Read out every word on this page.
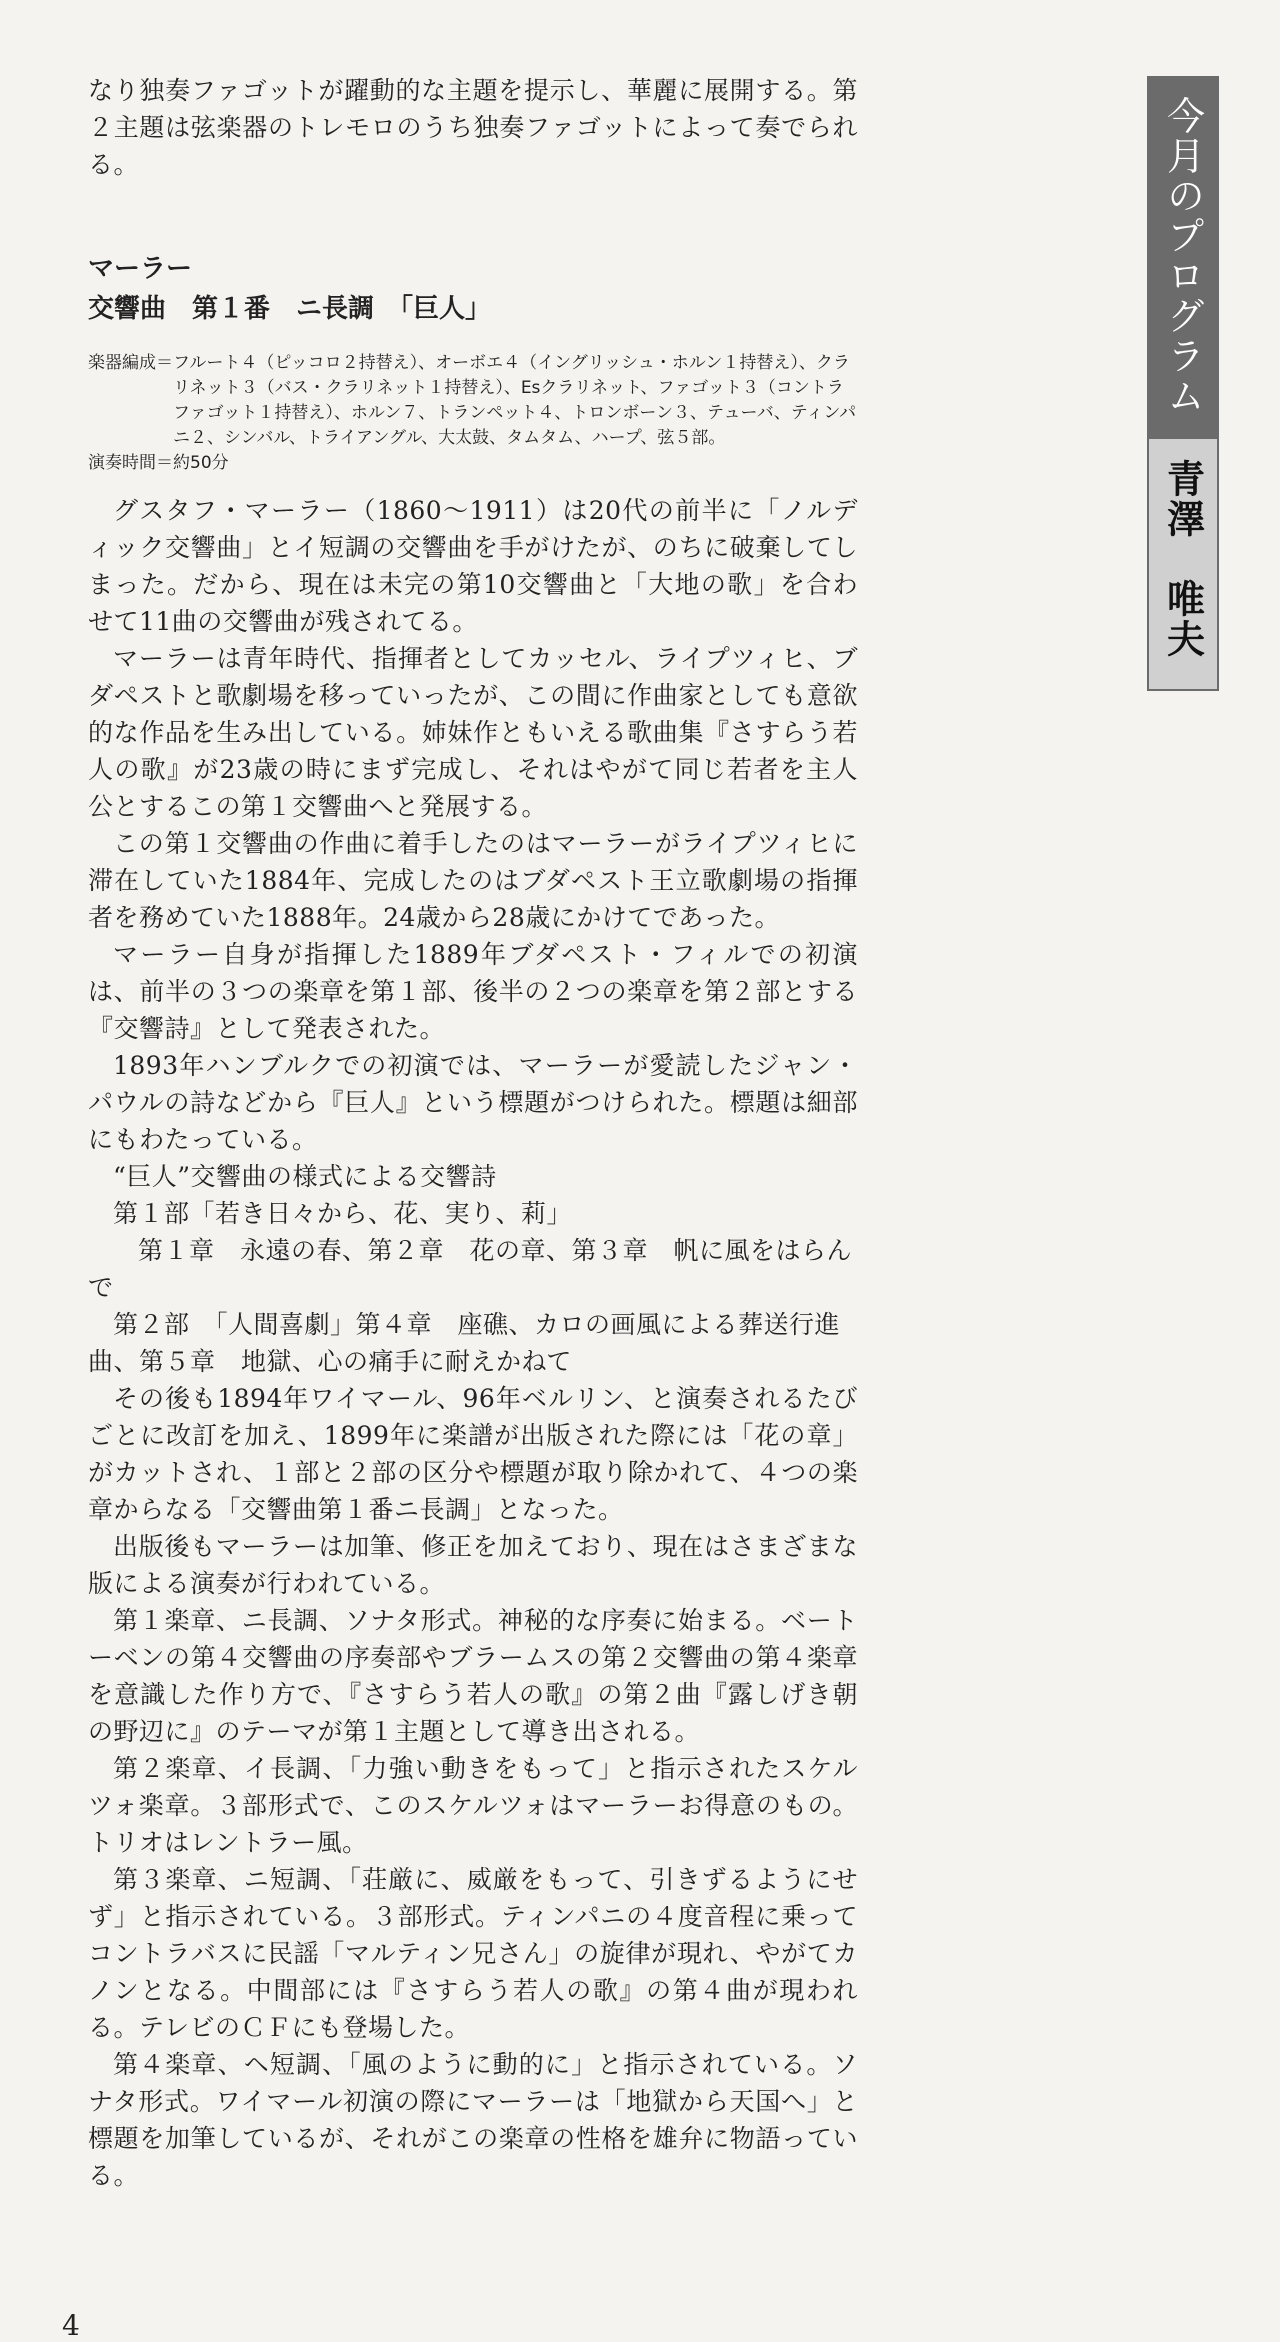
なり独奏ファゴットが躍動的な主題を提示し、華麗に展開する。第２主題は弦楽器のトレモロのうち独奏ファゴットによって奏でられる。

マーラー

交響曲　第１番　ニ長調　「巨人」

楽器編成＝ フルート４（ピッコロ２持替え）、オーボエ４（イングリッシュ・ホルン１持替え）、クラリネット３（バス・クラリネット１持替え）、Esクラリネット、ファゴット３（コントラファゴット１持替え）、ホルン７、トランペット４、トロンボーン３、テューバ、ティンパニ２、シンバル、トライアングル、大太鼓、タムタム、ハープ、弦５部。
演奏時間＝ 約50分

グスタフ・マーラー（1860～1911）は20代の前半に「ノルディック交響曲」とイ短調の交響曲を手がけたが、のちに破棄してしまった。だから、現在は未完の第10交響曲と「大地の歌」を合わせて11曲の交響曲が残されてる。

マーラーは青年時代、指揮者としてカッセル、ライプツィヒ、ブダペストと歌劇場を移っていったが、この間に作曲家としても意欲的な作品を生み出している。姉妹作ともいえる歌曲集『さすらう若人の歌』が23歳の時にまず完成し、それはやがて同じ若者を主人公とするこの第１交響曲へと発展する。

この第１交響曲の作曲に着手したのはマーラーがライプツィヒに滞在していた1884年、完成したのはブダペスト王立歌劇場の指揮者を務めていた1888年。24歳から28歳にかけてであった。

マーラー自身が指揮した1889年ブダペスト・フィルでの初演は、前半の３つの楽章を第１部、後半の２つの楽章を第２部とする『交響詩』として発表された。

1893年ハンブルクでの初演では、マーラーが愛読したジャン・パウルの詩などから『巨人』という標題がつけられた。標題は細部にもわたっている。

“巨人”交響曲の様式による交響詩

第１部「若き日々から、花、実り、莉」

第１章　永遠の春、第２章　花の章、第３章　帆に風をはらんで

第２部　「人間喜劇」第４章　座礁、カロの画風による葬送行進曲、第５章　地獄、心の痛手に耐えかねて

その後も1894年ワイマール、96年ベルリン、と演奏されるたびごとに改訂を加え、1899年に楽譜が出版された際には「花の章」がカットされ、１部と２部の区分や標題が取り除かれて、４つの楽章からなる「交響曲第１番ニ長調」となった。

出版後もマーラーは加筆、修正を加えており、現在はさまざまな版による演奏が行われている。

第１楽章、ニ長調、ソナタ形式。神秘的な序奏に始まる。ベートーベンの第４交響曲の序奏部やブラームスの第２交響曲の第４楽章を意識した作り方で、『さすらう若人の歌』の第２曲『露しげき朝の野辺に』のテーマが第１主題として導き出される。

第２楽章、イ長調、「力強い動きをもって」と指示されたスケルツォ楽章。３部形式で、このスケルツォはマーラーお得意のもの。トリオはレントラー風。

第３楽章、ニ短調、「荘厳に、威厳をもって、引きずるようにせず」と指示されている。３部形式。ティンパニの４度音程に乗ってコントラバスに民謡「マルティン兄さん」の旋律が現れ、やがてカノンとなる。中間部には『さすらう若人の歌』の第４曲が現われる。テレビのＣＦにも登場した。

第４楽章、ヘ短調、「風のように動的に」と指示されている。ソナタ形式。ワイマール初演の際にマーラーは「地獄から天国へ」と標題を加筆しているが、それがこの楽章の性格を雄弁に物語っている。

今月のプログラム
青澤　唯夫
4
